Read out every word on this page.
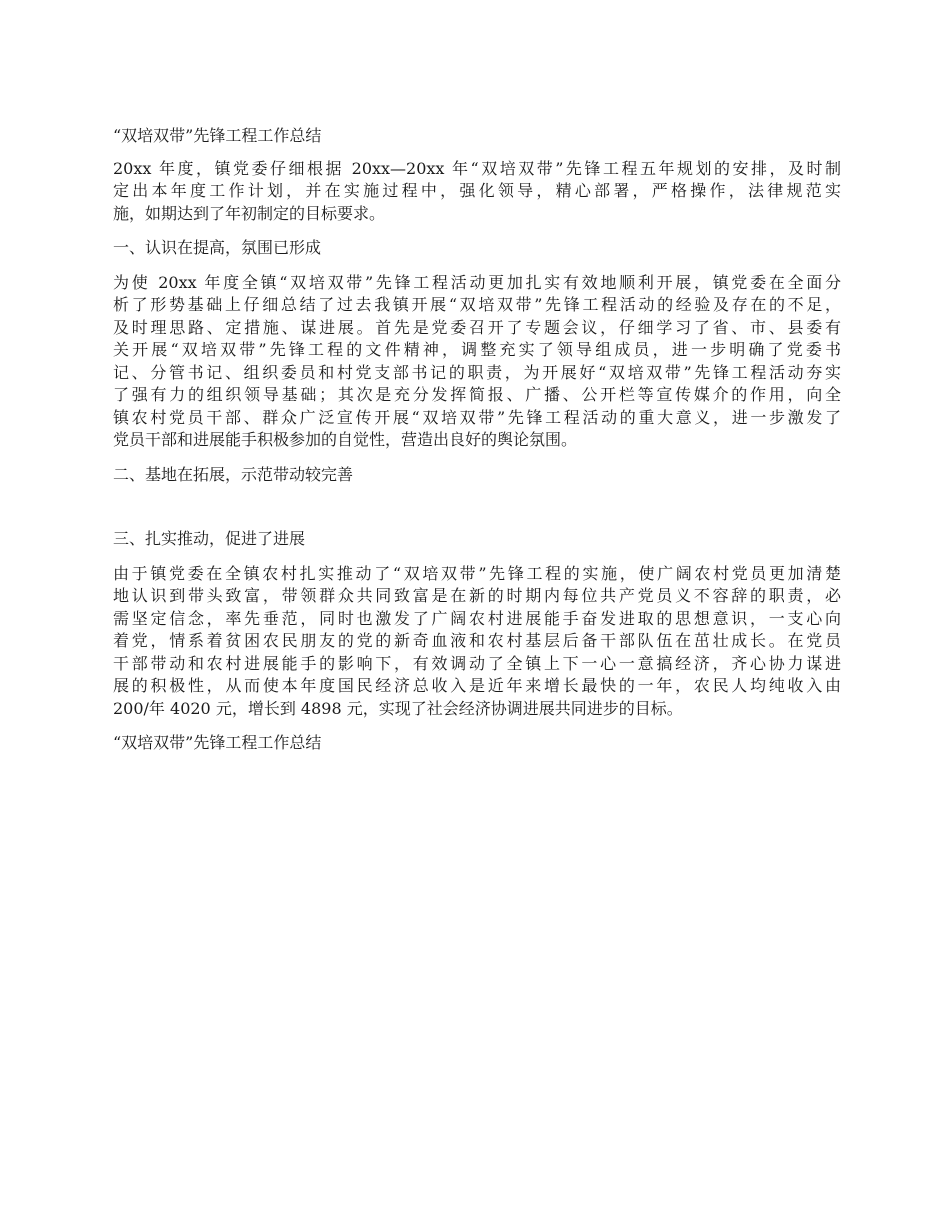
“双培双带”先锋工程工作总结
20xx 年度，镇党委仔细根据 20xx—20xx 年“双培双带”先锋工程五年规划的安排，及时制
定出本年度工作计划，并在实施过程中，强化领导，精心部署，严格操作，法律规范实
施，如期达到了年初制定的目标要求。
一、认识在提高，氛围已形成
为使 20xx 年度全镇“双培双带”先锋工程活动更加扎实有效地顺利开展，镇党委在全面分
析了形势基础上仔细总结了过去我镇开展“双培双带”先锋工程活动的经验及存在的不足，
及时理思路、定措施、谋进展。首先是党委召开了专题会议，仔细学习了省、市、县委有
关开展“双培双带”先锋工程的文件精神，调整充实了领导组成员，进一步明确了党委书
记、分管书记、组织委员和村党支部书记的职责，为开展好“双培双带”先锋工程活动夯实
了强有力的组织领导基础；其次是充分发挥简报、广播、公开栏等宣传媒介的作用，向全
镇农村党员干部、群众广泛宣传开展“双培双带”先锋工程活动的重大意义，进一步激发了
党员干部和进展能手积极参加的自觉性，营造出良好的舆论氛围。
二、基地在拓展，示范带动较完善
三、扎实推动，促进了进展
由于镇党委在全镇农村扎实推动了“双培双带”先锋工程的实施，使广阔农村党员更加清楚
地认识到带头致富，带领群众共同致富是在新的时期内每位共产党员义不容辞的职责，必
需坚定信念，率先垂范，同时也激发了广阔农村进展能手奋发进取的思想意识，一支心向
着党，情系着贫困农民朋友的党的新奇血液和农村基层后备干部队伍在茁壮成长。在党员
干部带动和农村进展能手的影响下，有效调动了全镇上下一心一意搞经济，齐心协力谋进
展的积极性，从而使本年度国民经济总收入是近年来增长最快的一年，农民人均纯收入由
200/年 4020 元，增长到 4898 元，实现了社会经济协调进展共同进步的目标。
“双培双带”先锋工程工作总结
